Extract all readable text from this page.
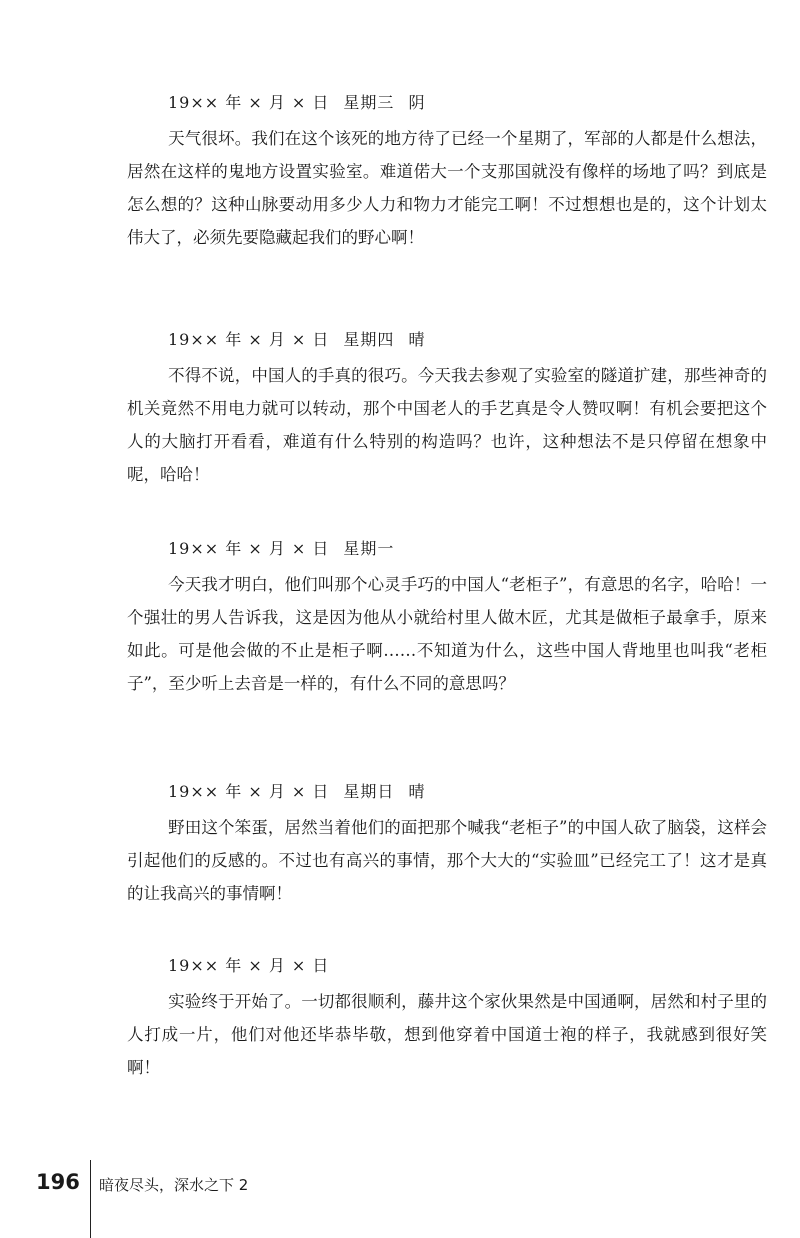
19×× 年 × 月 × 日 星期三 阴

天气很坏。我们在这个该死的地方待了已经一个星期了，军部的人都是什么想法，居然在这样的鬼地方设置实验室。难道偌大一个支那国就没有像样的场地了吗？到底是怎么想的？这种山脉要动用多少人力和物力才能完工啊！不过想想也是的，这个计划太伟大了，必须先要隐藏起我们的野心啊！

19×× 年 × 月 × 日 星期四 晴

不得不说，中国人的手真的很巧。今天我去参观了实验室的隧道扩建，那些神奇的机关竟然不用电力就可以转动，那个中国老人的手艺真是令人赞叹啊！有机会要把这个人的大脑打开看看，难道有什么特别的构造吗？也许，这种想法不是只停留在想象中呢，哈哈！

19×× 年 × 月 × 日 星期一

今天我才明白，他们叫那个心灵手巧的中国人“老柜子”，有意思的名字，哈哈！一个强壮的男人告诉我，这是因为他从小就给村里人做木匠，尤其是做柜子最拿手，原来如此。可是他会做的不止是柜子啊……不知道为什么，这些中国人背地里也叫我“老柜子”，至少听上去音是一样的，有什么不同的意思吗？

19×× 年 × 月 × 日 星期日 晴

野田这个笨蛋，居然当着他们的面把那个喊我“老柜子”的中国人砍了脑袋，这样会引起他们的反感的。不过也有高兴的事情，那个大大的“实验皿”已经完工了！这才是真的让我高兴的事情啊！

19×× 年 × 月 × 日

实验终于开始了。一切都很顺利，藤井这个家伙果然是中国通啊，居然和村子里的人打成一片，他们对他还毕恭毕敬，想到他穿着中国道士袍的样子，我就感到很好笑啊！

196 暗夜尽头，深水之下 2
